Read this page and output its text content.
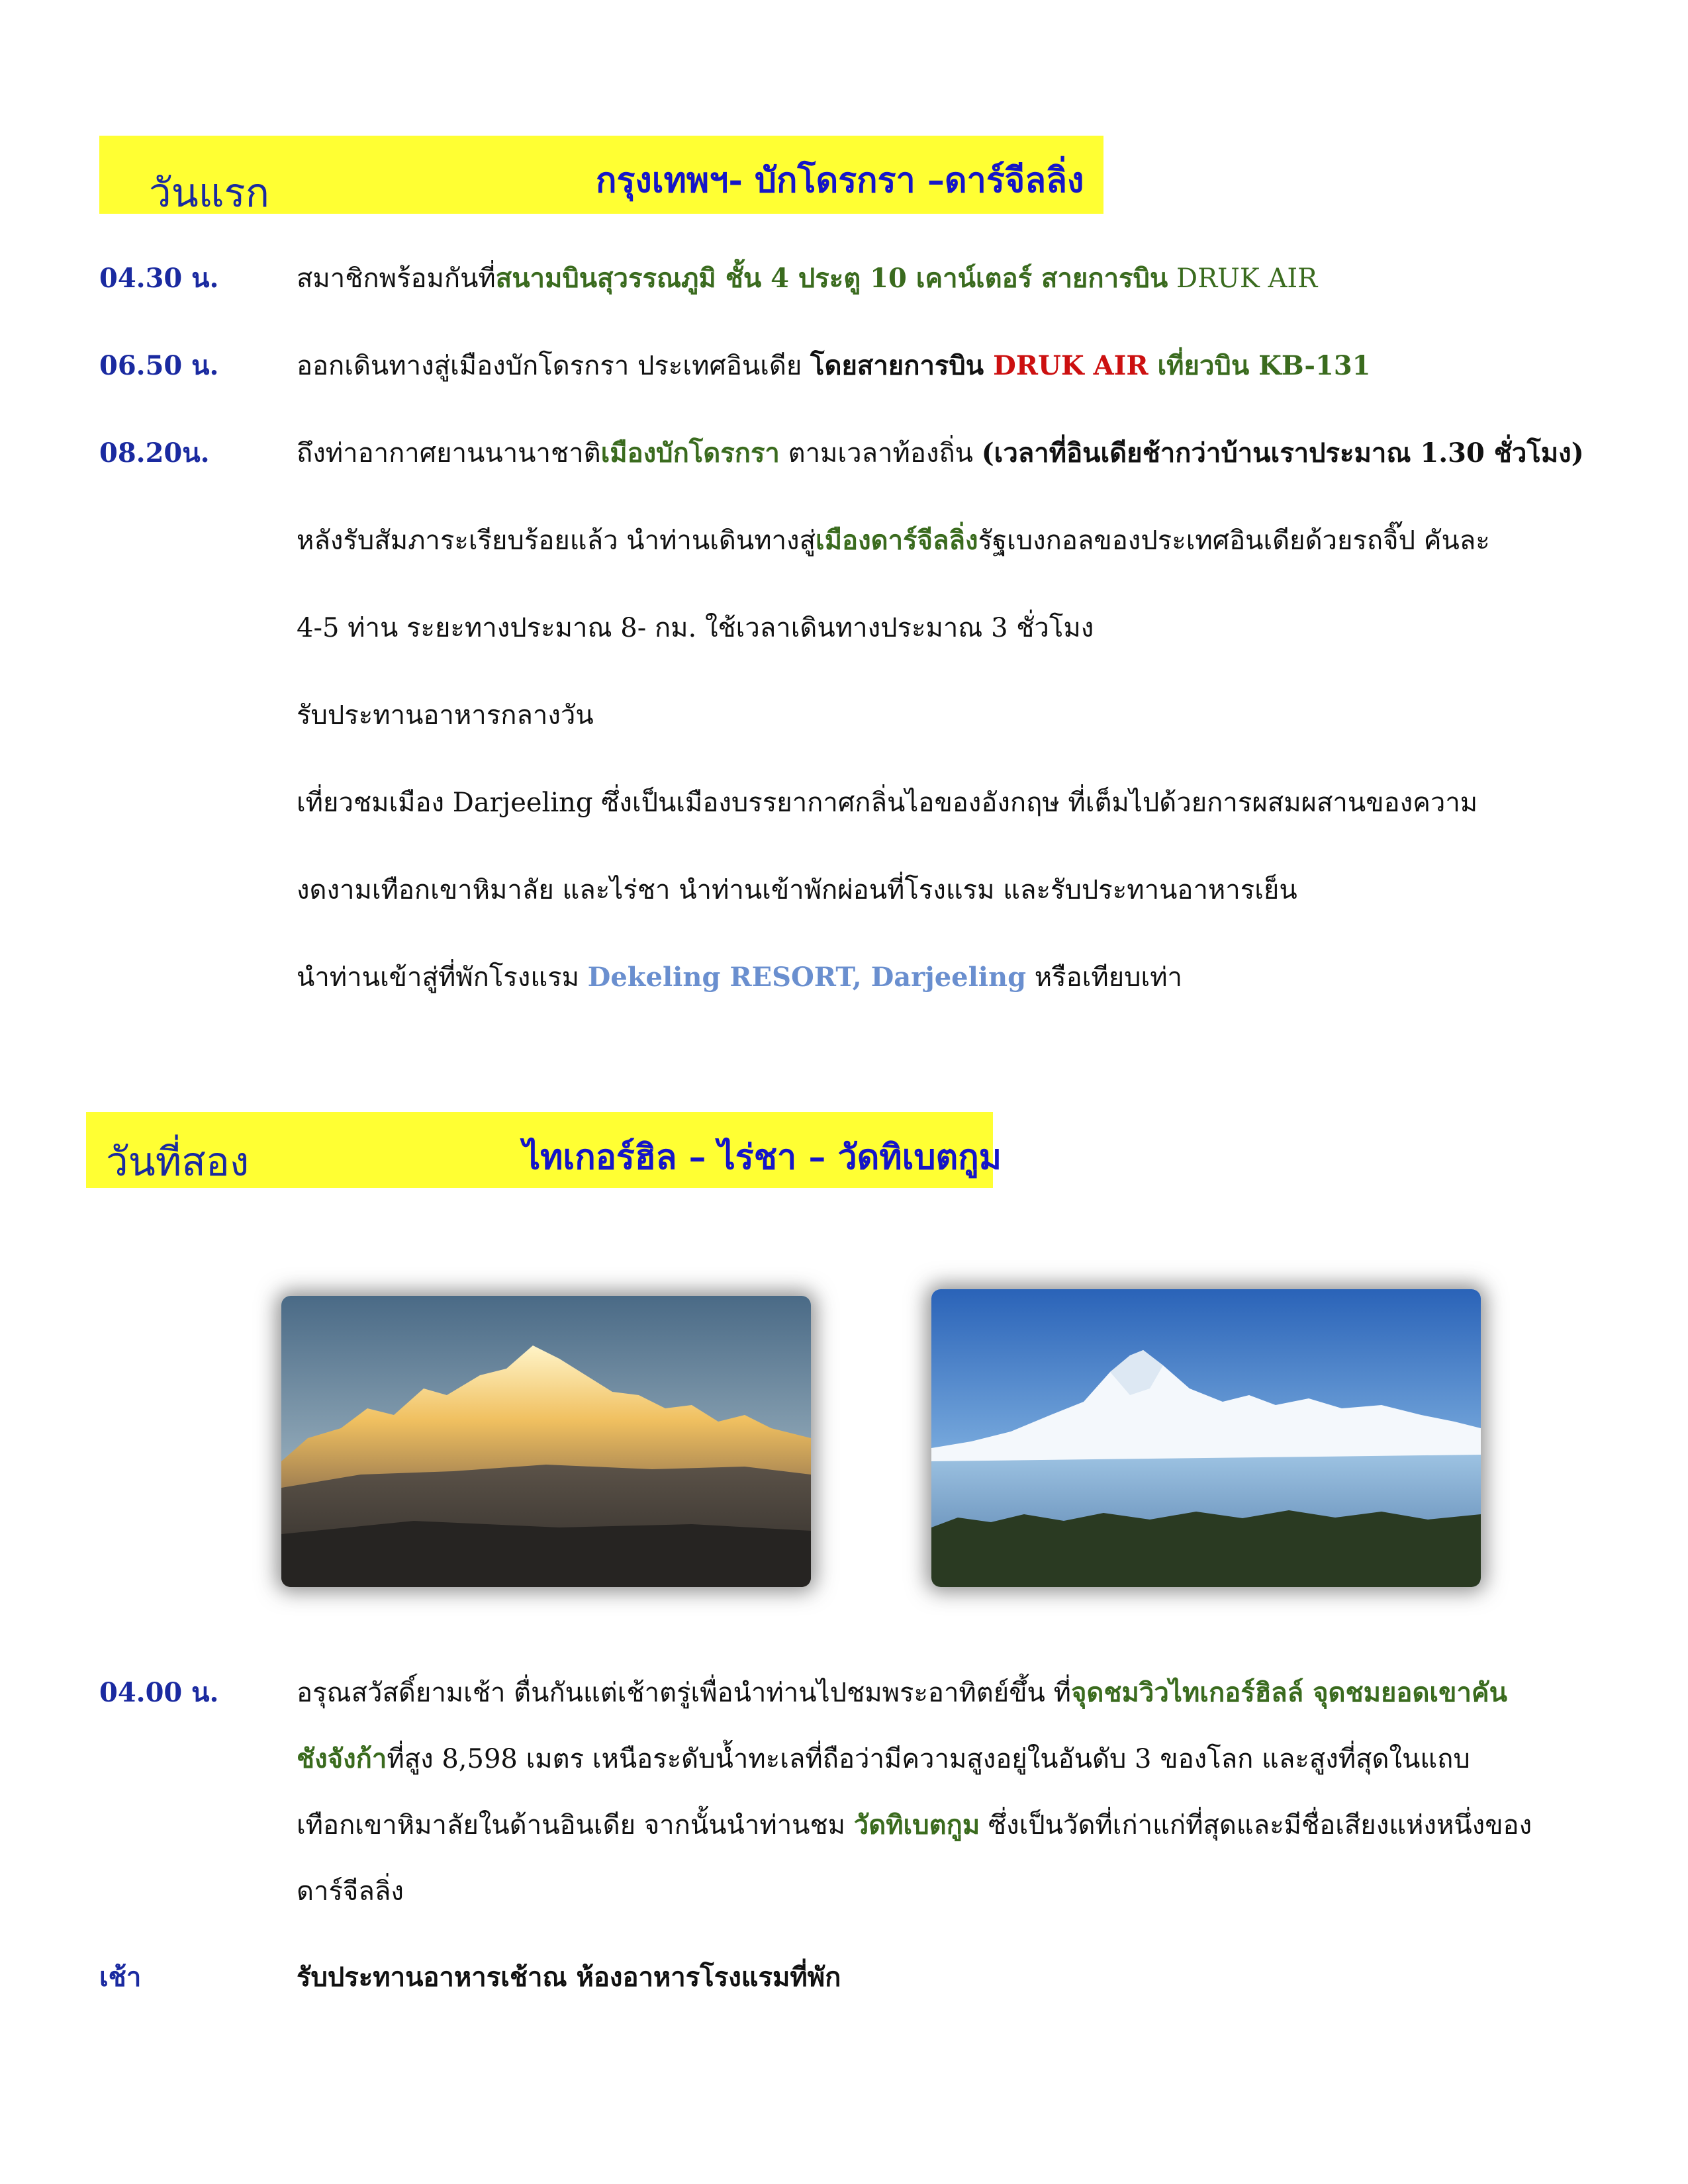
วันแรก	กรุงเทพฯ- บักโดรกรา –ดาร์จีลลิ่ง
04.30 น.	สมาชิกพร้อมกันที่สนามบินสุวรรณภูมิ ชั้น 4 ประตู 10 เคาน์เตอร์ สายการบิน DRUK AIR
06.50 น.	ออกเดินทางสู่เมืองบักโดรกรา ประเทศอินเดีย โดยสายการบิน DRUK AIR เที่ยวบิน KB-131
08.20น.	ถึงท่าอากาศยานนานาชาติเมืองบักโดรกรา ตามเวลาท้องถิ่น (เวลาที่อินเดียช้ากว่าบ้านเราประมาณ 1.30 ชั่วโมง)
หลังรับสัมภาระเรียบร้อยแล้ว นำท่านเดินทางสู่เมืองดาร์จีลลิ่งรัฐเบงกอลของประเทศอินเดียด้วยรถจิ๊ป คันละ
4-5 ท่าน ระยะทางประมาณ 8- กม. ใช้เวลาเดินทางประมาณ 3 ชั่วโมง
รับประทานอาหารกลางวัน
เที่ยวชมเมือง Darjeeling ซึ่งเป็นเมืองบรรยากาศกลิ่นไอของอังกฤษ ที่เต็มไปด้วยการผสมผสานของความ
งดงามเทือกเขาหิมาลัย และไร่ชา นำท่านเข้าพักผ่อนที่โรงแรม และรับประทานอาหารเย็น
นำท่านเข้าสู่ที่พักโรงแรม Dekeling RESORT, Darjeeling หรือเทียบเท่า
วันที่สอง	ไทเกอร์ฮิล – ไร่ชา – วัดทิเบตกูม
04.00 น.	อรุณสวัสดิ์ยามเช้า ตื่นกันแต่เช้าตรู่เพื่อนำท่านไปชมพระอาทิตย์ขึ้น ที่จุดชมวิวไทเกอร์ฮิลล์ จุดชมยอดเขาคัน
ชังจังก้าที่สูง 8,598 เมตร เหนือระดับน้ำทะเลที่ถือว่ามีความสูงอยู่ในอันดับ 3 ของโลก และสูงที่สุดในแถบ
เทือกเขาหิมาลัยในด้านอินเดีย จากนั้นนำท่านชม วัดทิเบตกูม ซึ่งเป็นวัดที่เก่าแก่ที่สุดและมีชื่อเสียงแห่งหนึ่งของ
ดาร์จีลลิ่ง
เช้า	รับประทานอาหารเช้าณ ห้องอาหารโรงแรมที่พัก
